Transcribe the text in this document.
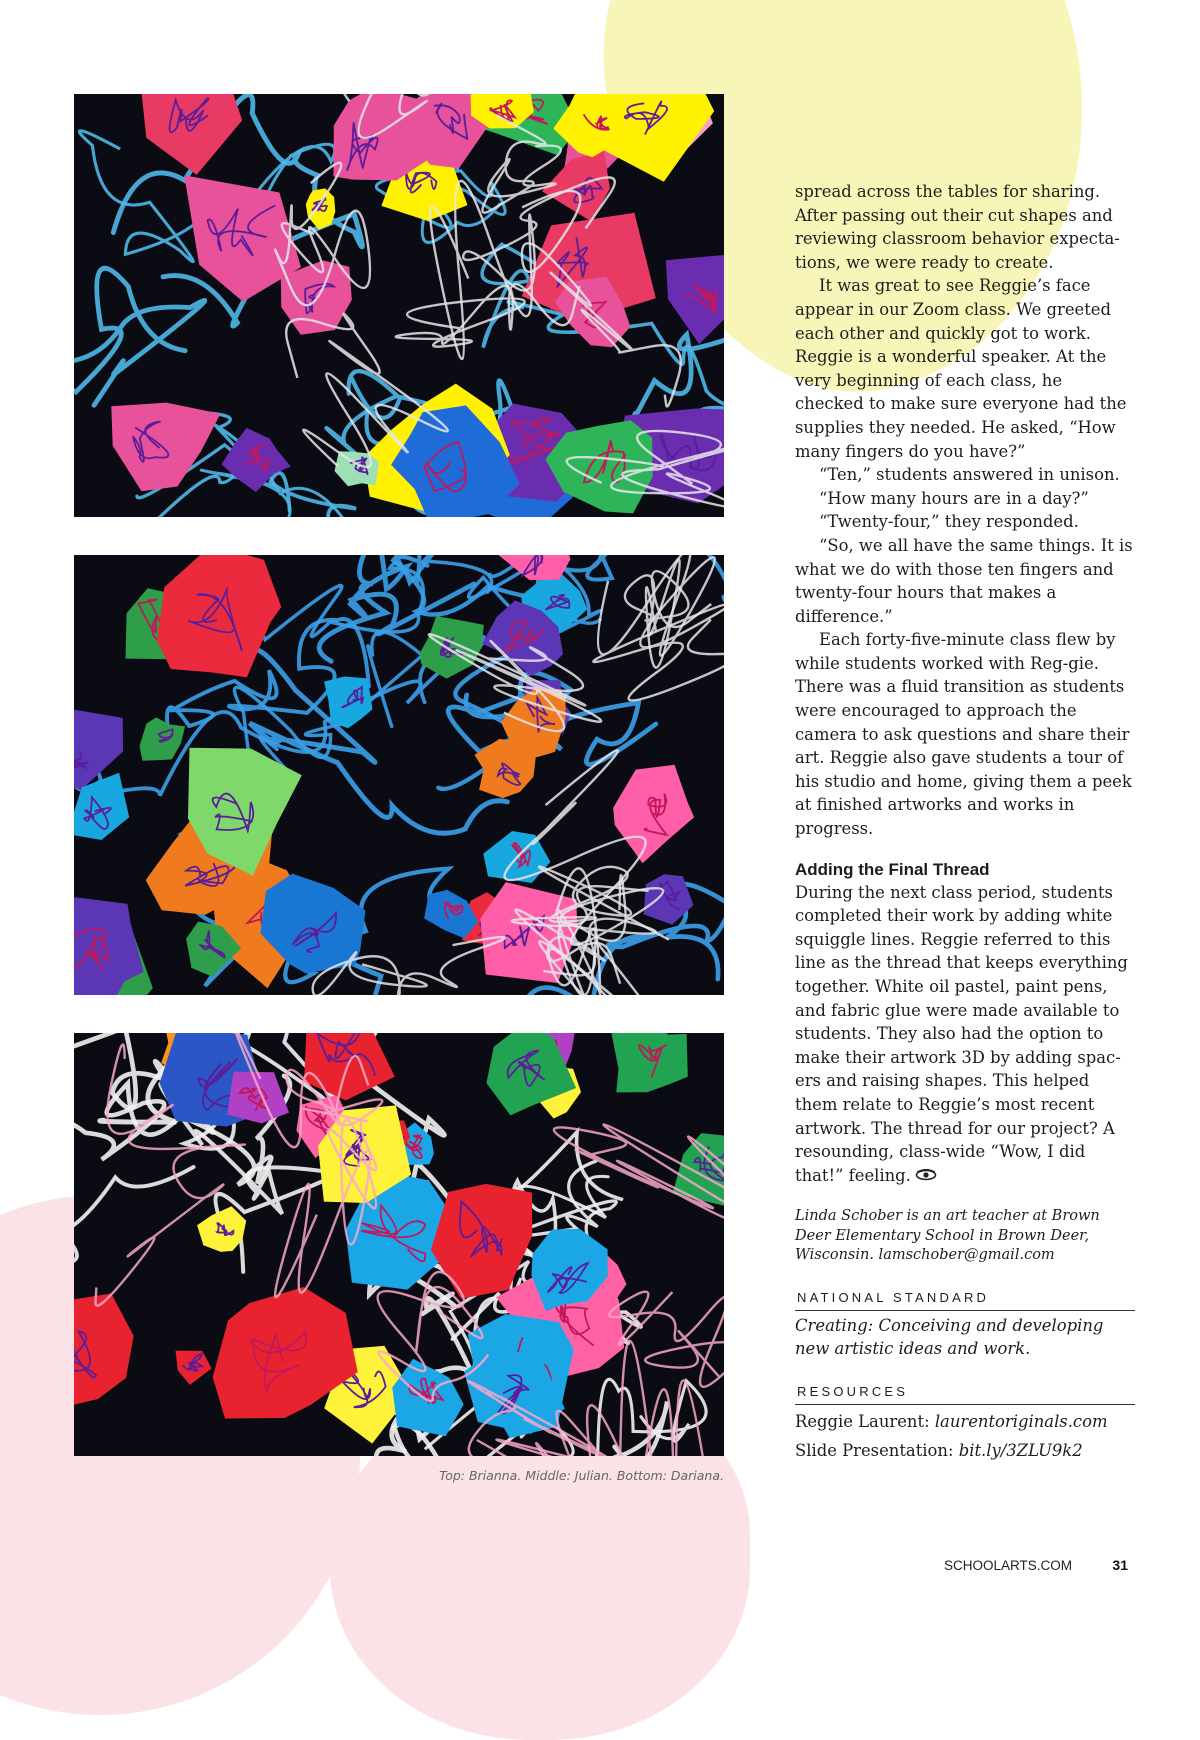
Top: Brianna. Middle: Julian. Bottom: Dariana.

spread across the tables for sharing. After passing out their cut shapes and reviewing classroom behavior expecta-tions, we were ready to create.

It was great to see Reggie’s face appear in our Zoom class. We greeted each other and quickly got to work. Reggie is a wonderful speaker. At the very beginning of each class, he checked to make sure everyone had the supplies they needed. He asked, “How many fingers do you have?”

“Ten,” students answered in unison.

“How many hours are in a day?”

“Twenty-four,” they responded.

“So, we all have the same things. It is what we do with those ten fingers and twenty-four hours that makes a difference.”

Each forty-five-minute class flew by while students worked with Reg-gie. There was a fluid transition as students were encouraged to approach the camera to ask questions and share their art. Reggie also gave students a tour of his studio and home, giving them a peek at finished artworks and works in progress.

Adding the Final Thread

During the next class period, students completed their work by adding white squiggle lines. Reggie referred to this line as the thread that keeps everything together. White oil pastel, paint pens, and fabric glue were made available to students. They also had the option to make their artwork 3D by adding spac-ers and raising shapes. This helped them relate to Reggie’s most recent artwork. The thread for our project? A resounding, class-wide “Wow, I did that!” feeling.

Linda Schober is an art teacher at Brown Deer Elementary School in Brown Deer, Wisconsin. lamschober@gmail.com

NATIONAL STANDARD

Creating: Conceiving and developing new artistic ideas and work.

RESOURCES

Reggie Laurent: laurentoriginals.com
Slide Presentation: bit.ly/3ZLU9k2

SCHOOLARTS.COM	31
